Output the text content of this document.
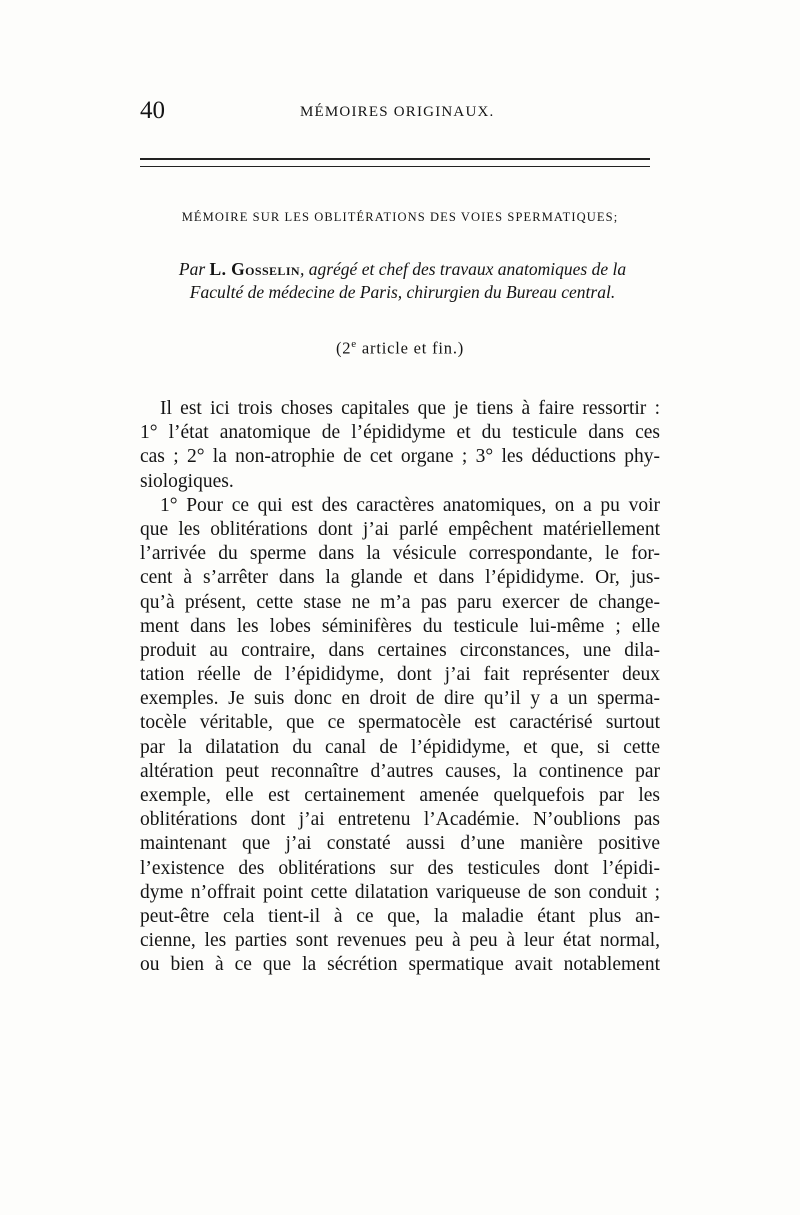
40	MÉMOIRES ORIGINAUX.
MÉMOIRE SUR LES OBLITÉRATIONS DES VOIES SPERMATIQUES;
Par L. Gosselin, agrégé et chef des travaux anatomiques de la
Faculté de médecine de Paris, chirurgien du Bureau central.
(2e article et fin.)
Il est ici trois choses capitales que je tiens à faire ressortir :
1° l’état anatomique de l’épididyme et du testicule dans ces
cas ; 2° la non-atrophie de cet organe ; 3° les déductions phy-
siologiques.
1° Pour ce qui est des caractères anatomiques, on a pu voir
que les oblitérations dont j’ai parlé empêchent matériellement
l’arrivée du sperme dans la vésicule correspondante, le for-
cent à s’arrêter dans la glande et dans l’épididyme. Or, jus-
qu’à présent, cette stase ne m’a pas paru exercer de change-
ment dans les lobes séminifères du testicule lui-même ; elle
produit au contraire, dans certaines circonstances, une dila-
tation réelle de l’épididyme, dont j’ai fait représenter deux
exemples. Je suis donc en droit de dire qu’il y a un sperma-
tocèle véritable, que ce spermatocèle est caractérisé surtout
par la dilatation du canal de l’épididyme, et que, si cette
altération peut reconnaître d’autres causes, la continence par
exemple, elle est certainement amenée quelquefois par les
oblitérations dont j’ai entretenu l’Académie. N’oublions pas
maintenant que j’ai constaté aussi d’une manière positive
l’existence des oblitérations sur des testicules dont l’épidi-
dyme n’offrait point cette dilatation variqueuse de son conduit ;
peut-être cela tient-il à ce que, la maladie étant plus an-
cienne, les parties sont revenues peu à peu à leur état normal,
ou bien à ce que la sécrétion spermatique avait notablement
